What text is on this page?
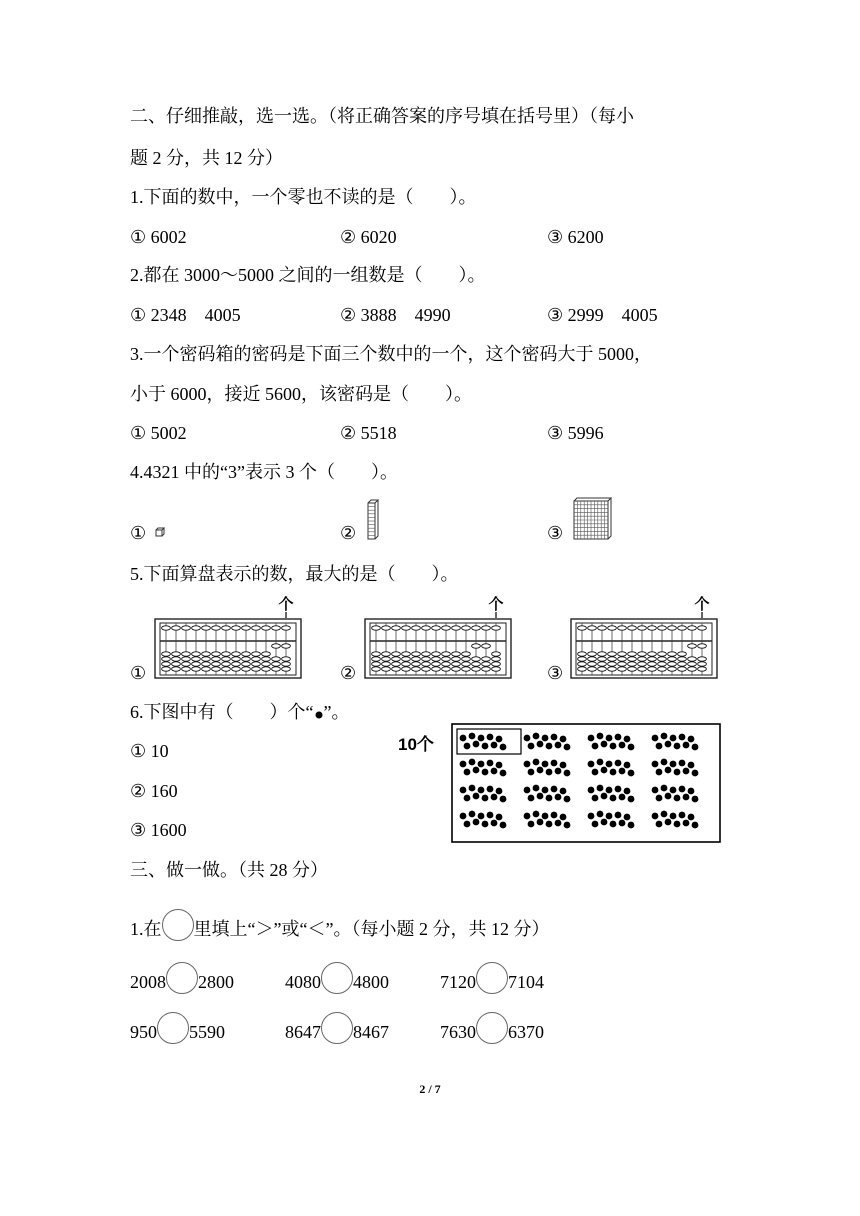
二、仔细推敲，选一选。（将正确答案的序号填在括号里）（每小
题 2 分，共 12 分）
1.下面的数中，一个零也不读的是（        ）。
① 6002	② 6020	③ 6200
2.都在 3000～5000 之间的一组数是（        ）。
① 2348    4005	② 3888    4990	③ 2999    4005
3.一个密码箱的密码是下面三个数中的一个，这个密码大于 5000，
小于 6000，接近 5600，该密码是（        ）。
① 5002	② 5518	③ 5996
4.4321 中的“3”表示 3 个（        ）。
①	②	③
5.下面算盘表示的数，最大的是（        ）。
①	②	③
个	个	个
6.下图中有（        ）个“ ”。
① 10
② 160
③ 1600
10个
三、做一做。（共 28 分）
1.在 里填上“＞”或“＜”。（每小题 2 分，共 12 分）
2008 2800	4080 4800	7120 7104
950 5590	8647 8467	7630 6370
2 / 7
